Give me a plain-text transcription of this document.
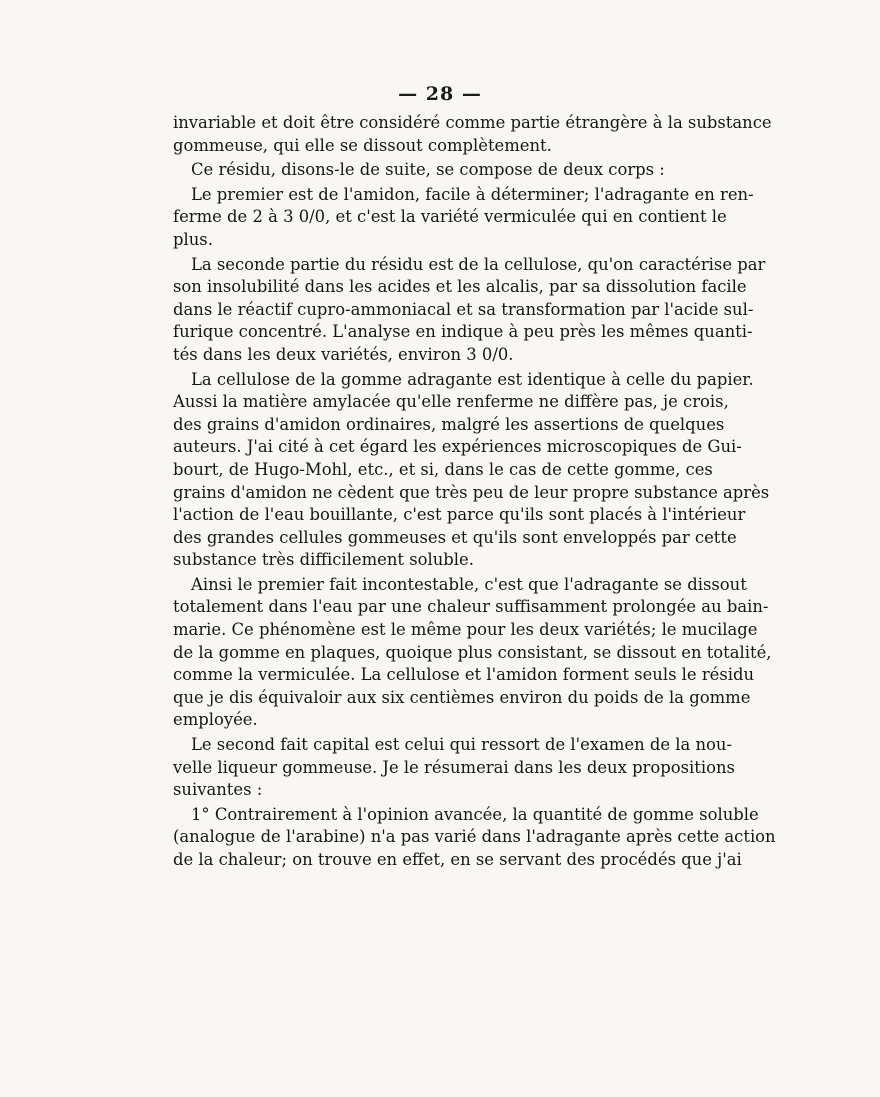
— 28 —
invariable et doit être considéré comme partie étrangère à la substance
gommeuse, qui elle se dissout complètement.
Ce résidu, disons-le de suite, se compose de deux corps :
Le premier est de l'amidon, facile à déterminer; l'adragante en ren-
ferme de 2 à 3 0/0, et c'est la variété vermiculée qui en contient le
plus.
La seconde partie du résidu est de la cellulose, qu'on caractérise par
son insolubilité dans les acides et les alcalis, par sa dissolution facile
dans le réactif cupro-ammoniacal et sa transformation par l'acide sul-
furique concentré. L'analyse en indique à peu près les mêmes quanti-
tés dans les deux variétés, environ 3 0/0.
La cellulose de la gomme adragante est identique à celle du papier.
Aussi la matière amylacée qu'elle renferme ne diffère pas, je crois,
des grains d'amidon ordinaires, malgré les assertions de quelques
auteurs. J'ai cité à cet égard les expériences microscopiques de Gui-
bourt, de Hugo-Mohl, etc., et si, dans le cas de cette gomme, ces
grains d'amidon ne cèdent que très peu de leur propre substance après
l'action de l'eau bouillante, c'est parce qu'ils sont placés à l'intérieur
des grandes cellules gommeuses et qu'ils sont enveloppés par cette
substance très difficilement soluble.
Ainsi le premier fait incontestable, c'est que l'adragante se dissout
totalement dans l'eau par une chaleur suffisamment prolongée au bain-
marie. Ce phénomène est le même pour les deux variétés; le mucilage
de la gomme en plaques, quoique plus consistant, se dissout en totalité,
comme la vermiculée. La cellulose et l'amidon forment seuls le résidu
que je dis équivaloir aux six centièmes environ du poids de la gomme
employée.
Le second fait capital est celui qui ressort de l'examen de la nou-
velle liqueur gommeuse. Je le résumerai dans les deux propositions
suivantes :
1° Contrairement à l'opinion avancée, la quantité de gomme soluble
(analogue de l'arabine) n'a pas varié dans l'adragante après cette action
de la chaleur; on trouve en effet, en se servant des procédés que j'ai
